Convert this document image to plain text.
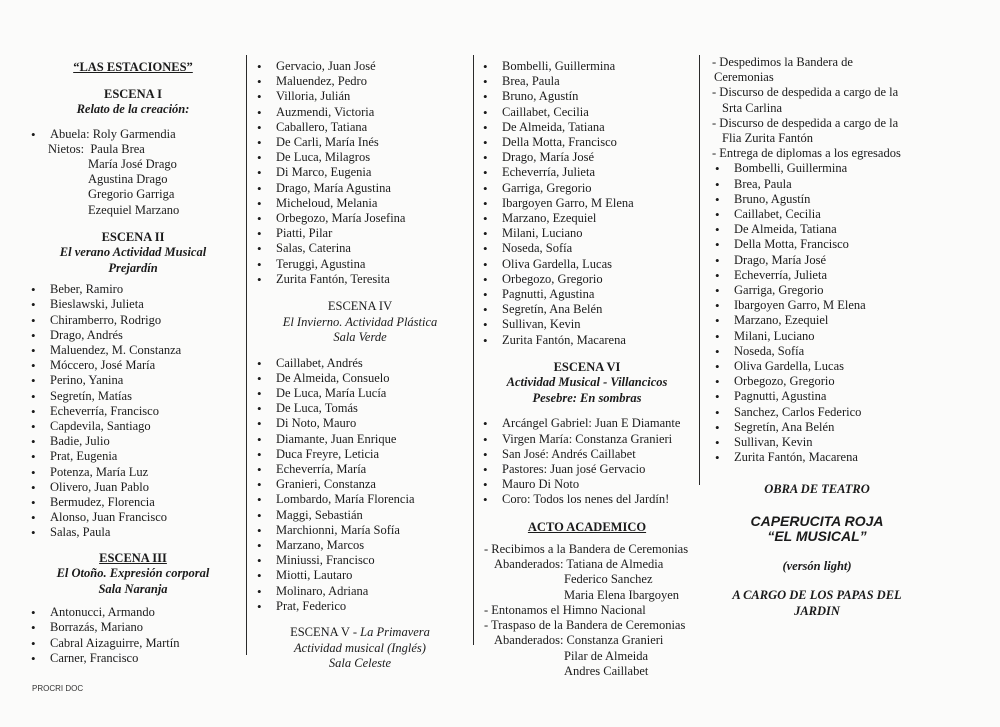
“LAS ESTACIONES”
ESCENA I
Relato de la creación:
• Abuela: Roly Garmendia
Nietos: Paula Brea
María José Drago
Agustina Drago
Gregorio Garriga
Ezequiel Marzano
ESCENA II
El verano Actividad Musical
Prejardín
• Beber, Ramiro
• Bieslawski, Julieta
• Chiramberro, Rodrigo
• Drago, Andrés
• Maluendez, M. Constanza
• Móccero, José María
• Perino, Yanina
• Segretín, Matías
• Echeverría, Francisco
• Capdevila, Santiago
• Badie, Julio
• Prat, Eugenia
• Potenza, María Luz
• Olivero, Juan Pablo
• Bermudez, Florencia
• Alonso, Juan Francisco
• Salas, Paula
ESCENA III
El Otoño. Expresión corporal
Sala Naranja
• Antonucci, Armando
• Borrazás, Mariano
• Cabral Aizaguirre, Martín
• Carner, Francisco
• Gervacio, Juan José
• Maluendez, Pedro
• Villoria, Julián
• Auzmendi, Victoria
• Caballero, Tatiana
• De Carli, María Inés
• De Luca, Milagros
• Di Marco, Eugenia
• Drago, María Agustina
• Micheloud, Melania
• Orbegozo, María Josefina
• Piatti, Pilar
• Salas, Caterina
• Teruggi, Agustina
• Zurita Fantón, Teresita
ESCENA IV
El Invierno. Actividad Plástica
Sala Verde
• Caillabet, Andrés
• De Almeida, Consuelo
• De Luca, María Lucía
• De Luca, Tomás
• Di Noto, Mauro
• Diamante, Juan Enrique
• Duca Freyre, Leticia
• Echeverría, María
• Granieri, Constanza
• Lombardo, María Florencia
• Maggi, Sebastián
• Marchionni, María Sofía
• Marzano, Marcos
• Miniussi, Francisco
• Miotti, Lautaro
• Molinaro, Adriana
• Prat, Federico
ESCENA V - La Primavera
Actividad musical (Inglés)
Sala Celeste
• Bombelli, Guillermina
• Brea, Paula
• Bruno, Agustín
• Caillabet, Cecilia
• De Almeida, Tatiana
• Della Motta, Francisco
• Drago, María José
• Echeverría, Julieta
• Garriga, Gregorio
• Ibargoyen Garro, M Elena
• Marzano, Ezequiel
• Milani, Luciano
• Noseda, Sofía
• Oliva Gardella, Lucas
• Orbegozo, Gregorio
• Pagnutti, Agustina
• Segretín, Ana Belén
• Sullivan, Kevin
• Zurita Fantón, Macarena
ESCENA VI
Actividad Musical - Villancicos
Pesebre: En sombras
• Arcángel Gabriel: Juan E Diamante
• Virgen María: Constanza Granieri
• San José: Andrés Caillabet
• Pastores: Juan josé Gervacio
• Mauro Di Noto
• Coro: Todos los nenes del Jardín!
ACTO ACADEMICO
- Recibimos a la Bandera de Ceremonias
Abanderados: Tatiana de Almedia
Federico Sanchez
Maria Elena Ibargoyen
- Entonamos el Himno Nacional
- Traspaso de la Bandera de Ceremonias
Abanderados: Constanza Granieri
Pilar de Almeida
Andres Caillabet
- Despedimos la Bandera de
Ceremonias
- Discurso de despedida a cargo de la
Srta Carlina
- Discurso de despedida a cargo de la
Flia Zurita Fantón
- Entrega de diplomas a los egresados
• Bombelli, Guillermina
• Brea, Paula
• Bruno, Agustín
• Caillabet, Cecilia
• De Almeida, Tatiana
• Della Motta, Francisco
• Drago, María José
• Echeverría, Julieta
• Garriga, Gregorio
• Ibargoyen Garro, M Elena
• Marzano, Ezequiel
• Milani, Luciano
• Noseda, Sofía
• Oliva Gardella, Lucas
• Orbegozo, Gregorio
• Pagnutti, Agustina
• Sanchez, Carlos Federico
• Segretín, Ana Belén
• Sullivan, Kevin
• Zurita Fantón, Macarena
OBRA DE TEATRO
CAPERUCITA ROJA
“EL MUSICAL”
(versón light)
A CARGO DE LOS PAPAS DEL
JARDIN
PROCRI DOC
